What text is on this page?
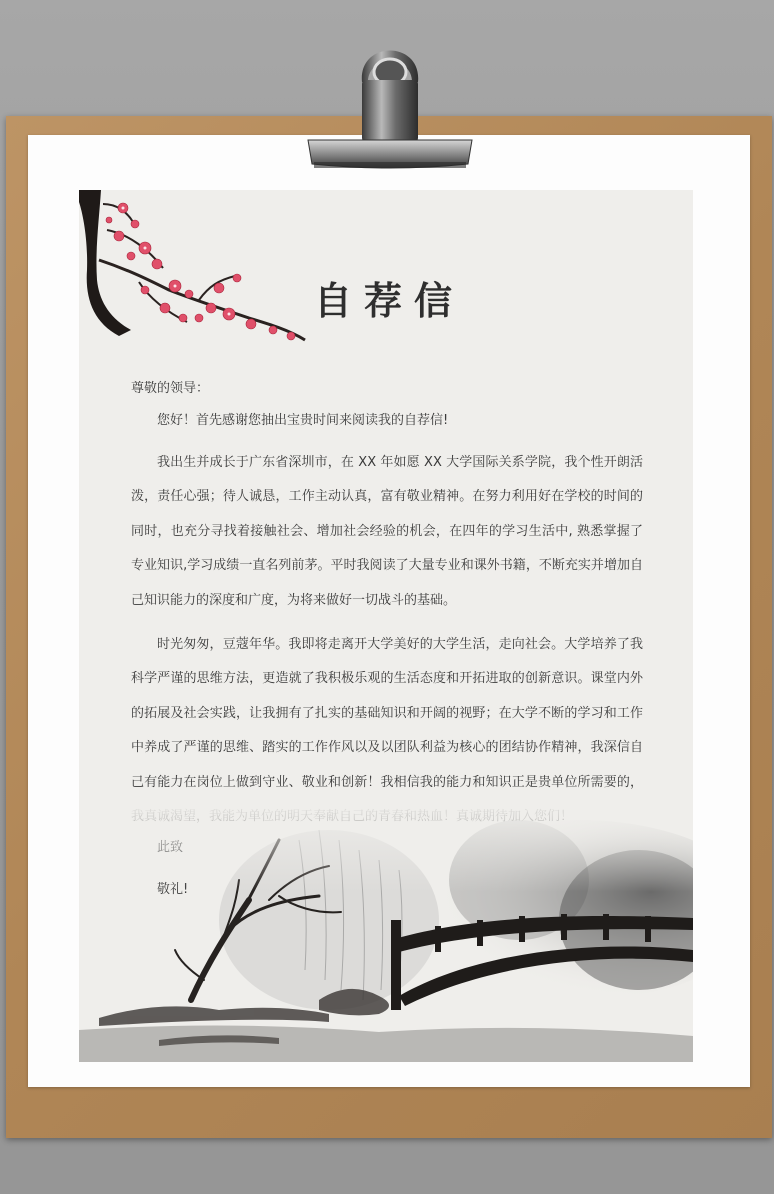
自荐信

尊敬的领导：

您好！首先感谢您抽出宝贵时间来阅读我的自荐信!

我出生并成长于广东省深圳市，在 XX 年如愿 XX 大学国际关系学院，我个性开朗活泼，责任心强；待人诚恳，工作主动认真，富有敬业精神。在努力利用好在学校的时间的同时，也充分寻找着接触社会、增加社会经验的机会，在四年的学习生活中, 熟悉掌握了专业知识,学习成绩一直名列前茅。平时我阅读了大量专业和课外书籍，不断充实并增加自己知识能力的深度和广度，为将来做好一切战斗的基础。

时光匆匆，豆蔻年华。我即将走离开大学美好的大学生活，走向社会。大学培养了我科学严谨的思维方法，更造就了我积极乐观的生活态度和开拓进取的创新意识。课堂内外的拓展及社会实践，让我拥有了扎实的基础知识和开阔的视野；在大学不断的学习和工作中养成了严谨的思维、踏实的工作作风以及以团队利益为核心的团结协作精神，我深信自己有能力在岗位上做到守业、敬业和创新！我相信我的能力和知识正是贵单位所需要的，
